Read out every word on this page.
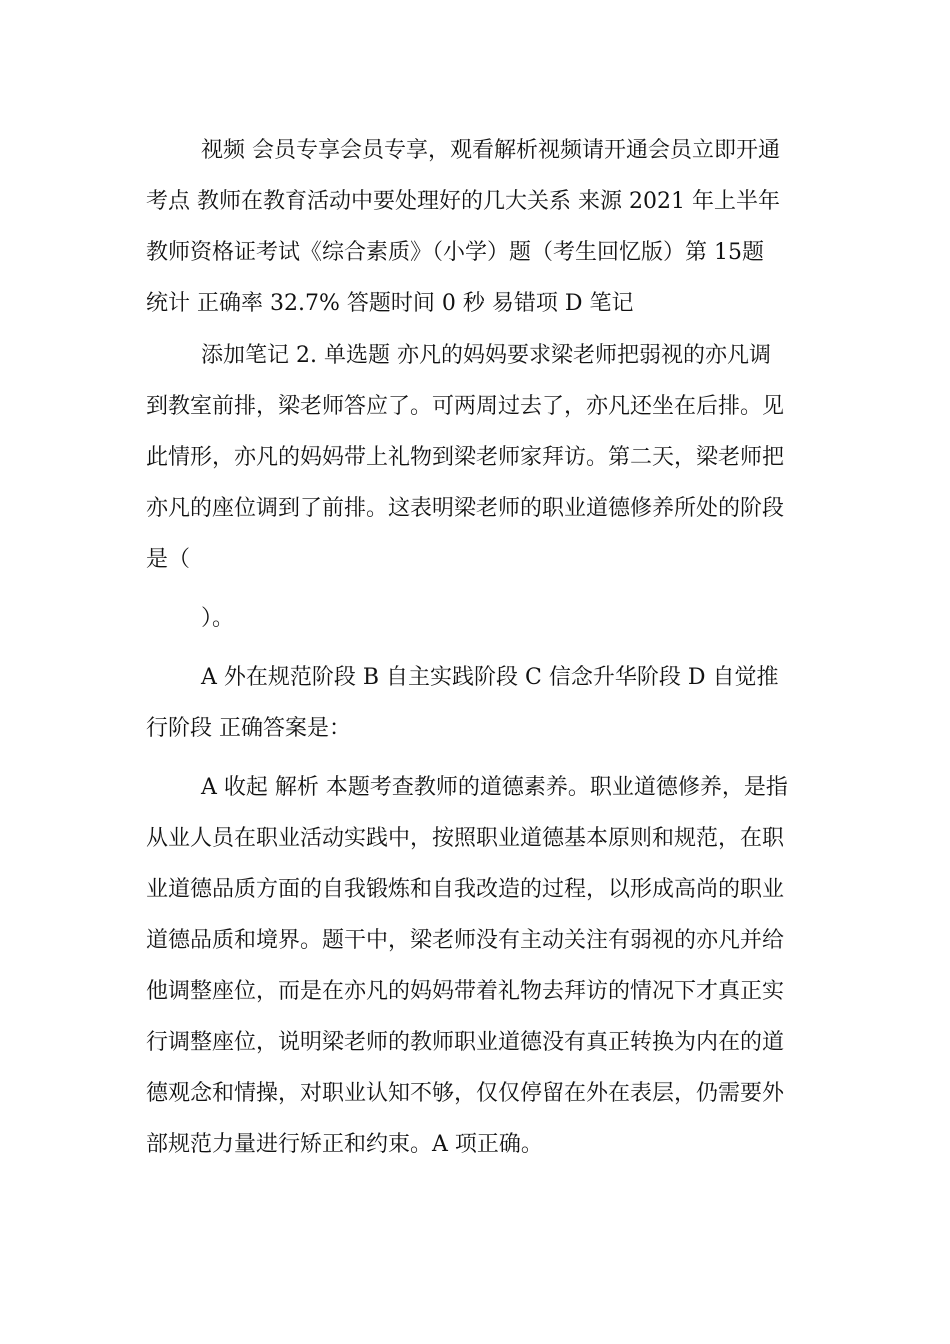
视频 会员专享会员专享，观看解析视频请开通会员立即开通
考点 教师在教育活动中要处理好的几大关系 来源 2021 年上半年
教师资格证考试《综合素质》（小学）题（考生回忆版）第 15题
统计 正确率 32.7% 答题时间 0 秒 易错项 D 笔记
添加笔记 2. 单选题 亦凡的妈妈要求梁老师把弱视的亦凡调
到教室前排，梁老师答应了。可两周过去了，亦凡还坐在后排。见
此情形，亦凡的妈妈带上礼物到梁老师家拜访。第二天，梁老师把
亦凡的座位调到了前排。这表明梁老师的职业道德修养所处的阶段
是（
）。
A 外在规范阶段 B 自主实践阶段 C 信念升华阶段 D 自觉推
行阶段 正确答案是：
A 收起 解析 本题考查教师的道德素养。职业道德修养，是指
从业人员在职业活动实践中，按照职业道德基本原则和规范，在职
业道德品质方面的自我锻炼和自我改造的过程，以形成高尚的职业
道德品质和境界。题干中，梁老师没有主动关注有弱视的亦凡并给
他调整座位，而是在亦凡的妈妈带着礼物去拜访的情况下才真正实
行调整座位，说明梁老师的教师职业道德没有真正转换为内在的道
德观念和情操，对职业认知不够，仅仅停留在外在表层，仍需要外
部规范力量进行矫正和约束。A 项正确。
